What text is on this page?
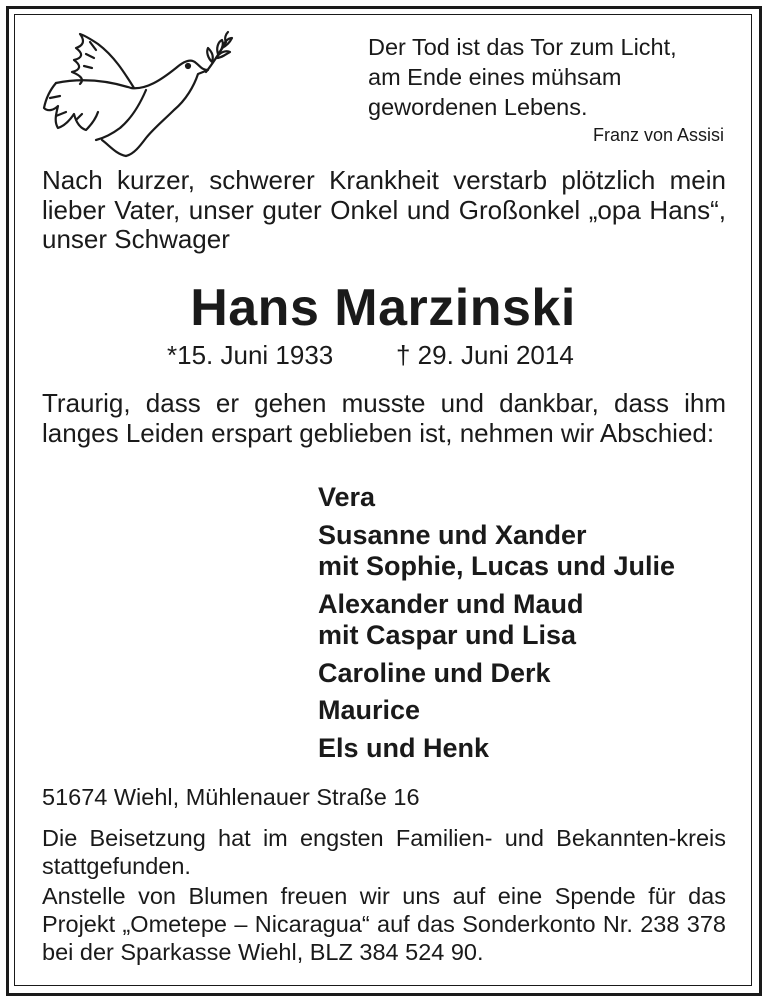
Der Tod ist das Tor zum Licht,
am Ende eines mühsam
gewordenen Lebens.
Franz von Assisi
Nach kurzer, schwerer Krankheit verstarb plötzlich mein lieber Vater, unser guter Onkel und Großonkel „opa Hans“, unser Schwager
Hans Marzinski
*15. Juni 1933 † 29. Juni 2014
Traurig, dass er gehen musste und dankbar, dass ihm langes Leiden erspart geblieben ist, nehmen wir Abschied:
Vera
Susanne und Xander
mit Sophie, Lucas und Julie
Alexander und Maud
mit Caspar und Lisa
Caroline und Derk
Maurice
Els und Henk
51674 Wiehl, Mühlenauer Straße 16
Die Beisetzung hat im engsten Familien- und Bekannten-kreis stattgefunden.
Anstelle von Blumen freuen wir uns auf eine Spende für das Projekt „Ometepe – Nicaragua“ auf das Sonderkonto Nr. 238 378 bei der Sparkasse Wiehl, BLZ 384 524 90.
